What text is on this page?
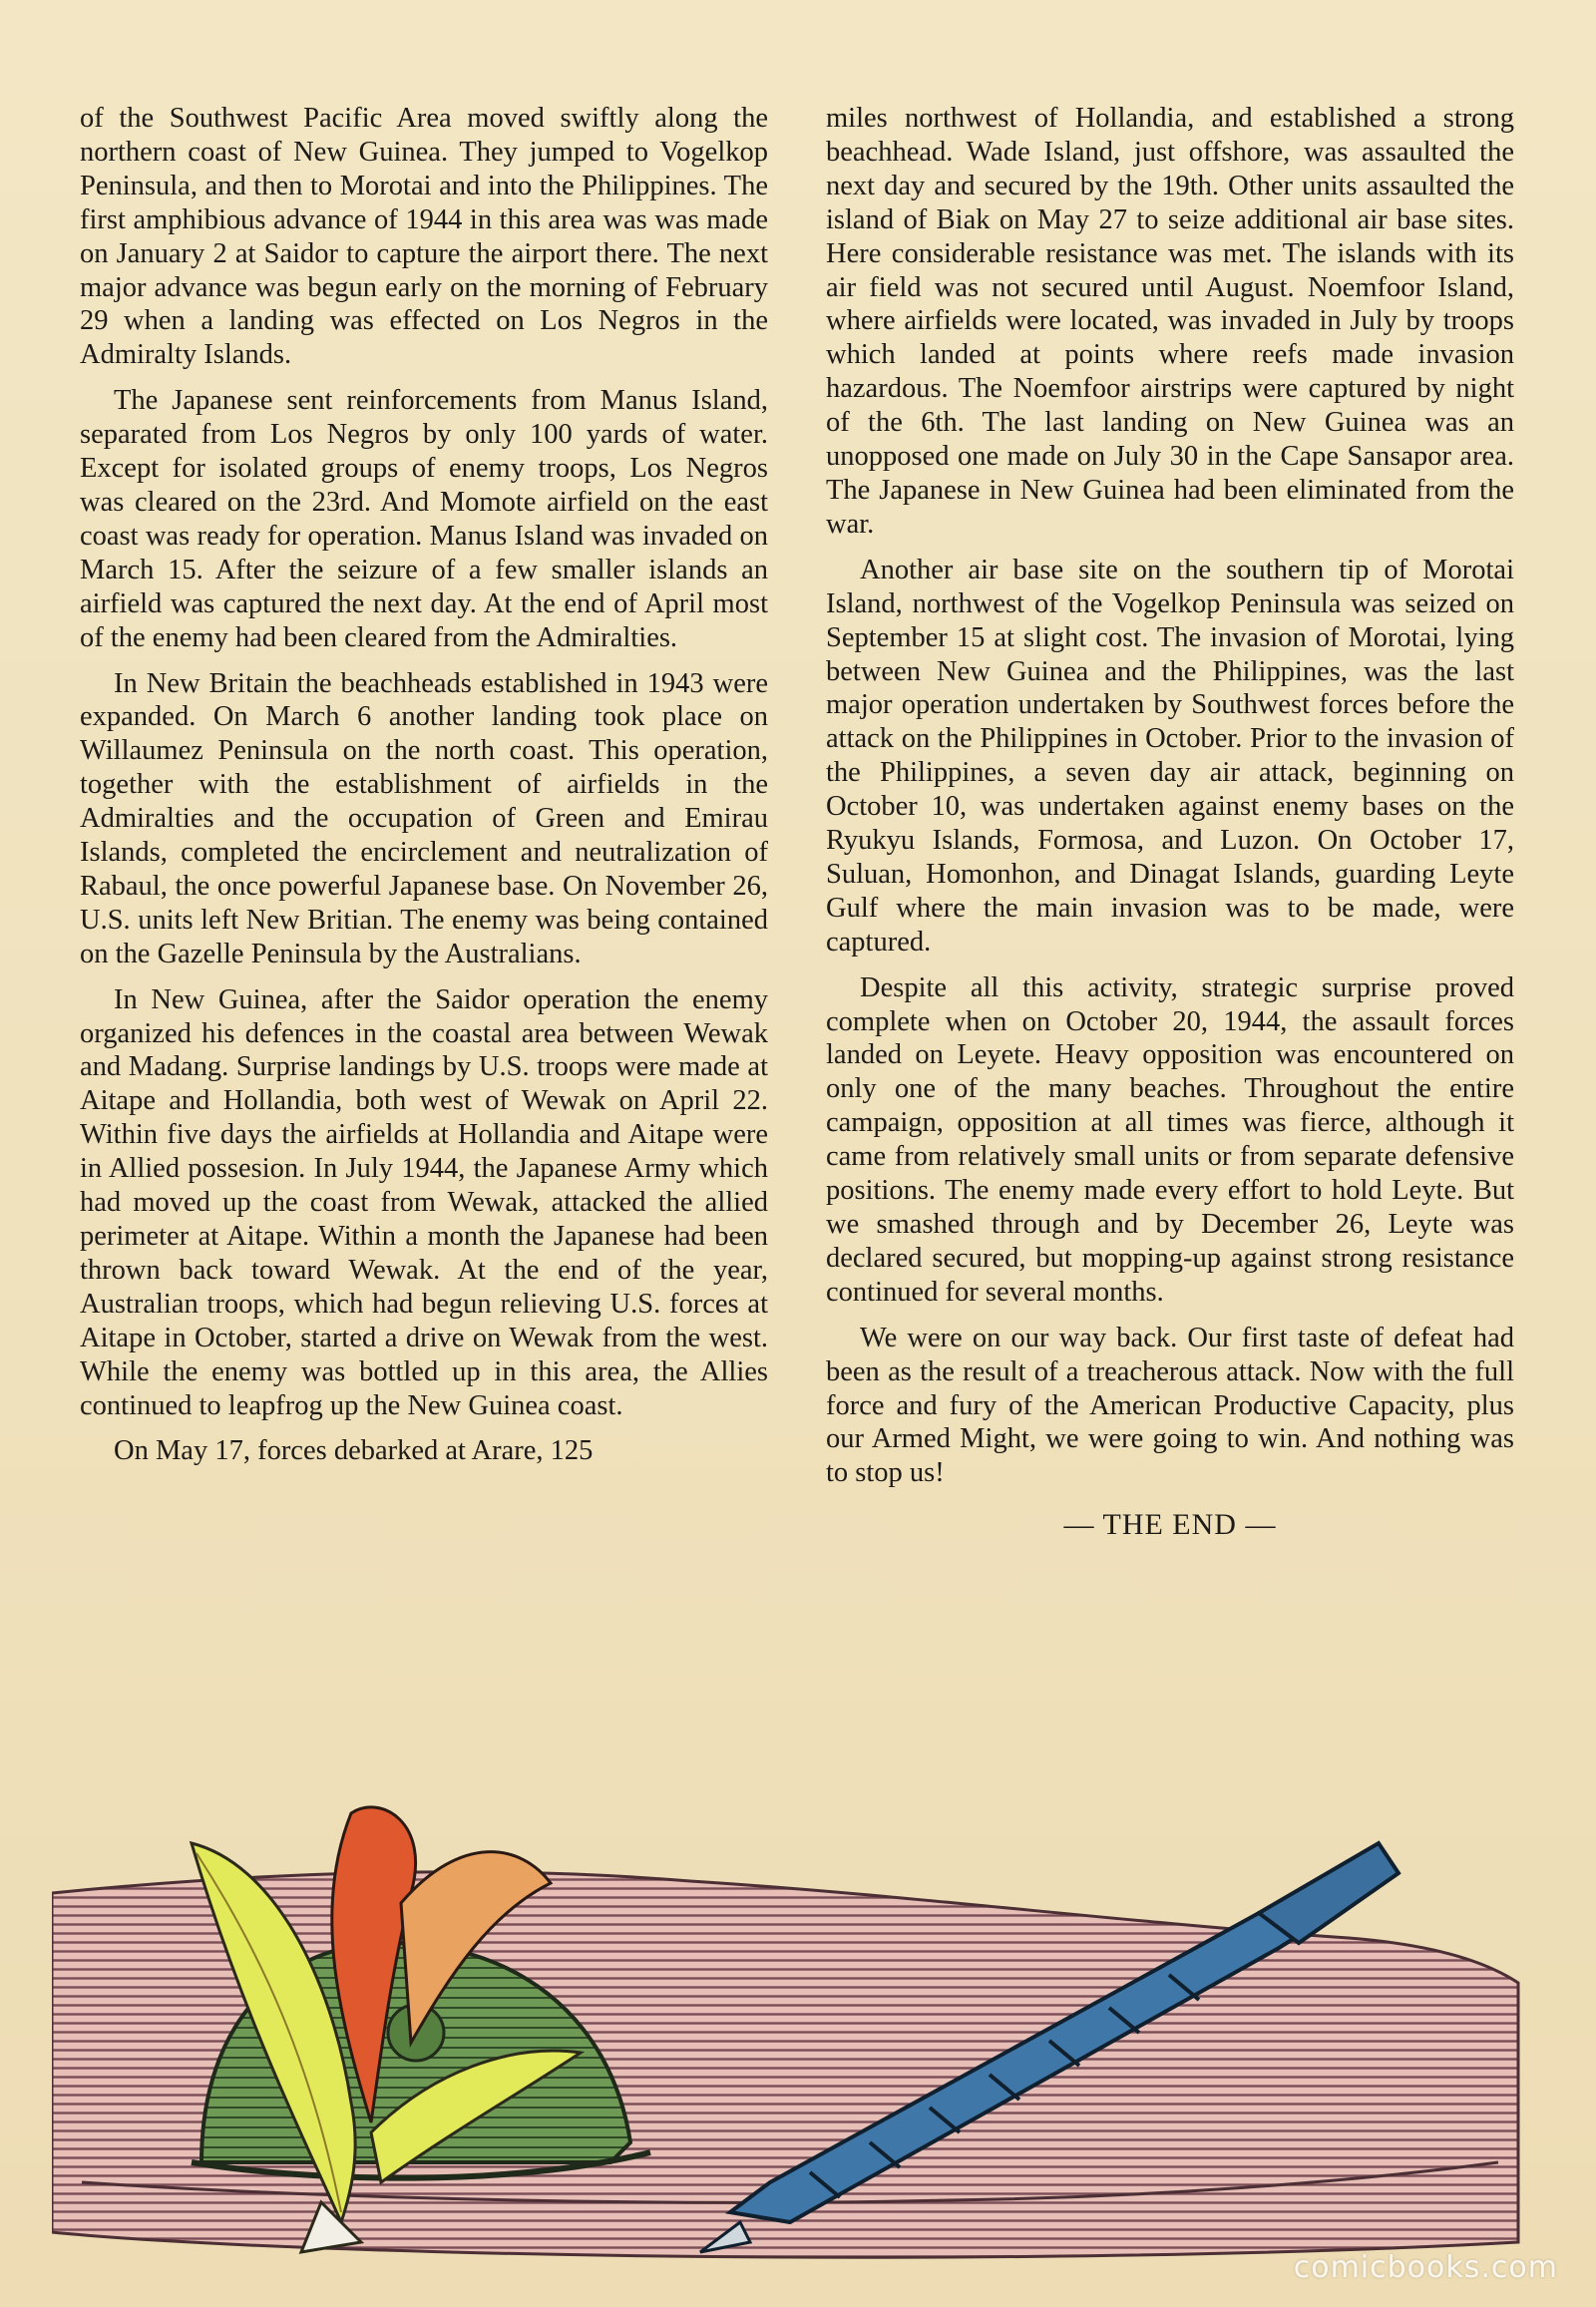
of the Southwest Pacific Area moved swiftly along the northern coast of New Guinea. They jumped to Vogelkop Peninsula, and then to Morotai and into the Philippines. The first amphibious advance of 1944 in this area was was made on January 2 at Saidor to capture the airport there. The next major advance was begun early on the morning of February 29 when a landing was effected on Los Negros in the Admiralty Islands.

The Japanese sent reinforcements from Manus Island, separated from Los Negros by only 100 yards of water. Except for isolated groups of enemy troops, Los Negros was cleared on the 23rd. And Momote airfield on the east coast was ready for operation. Manus Island was invaded on March 15. After the seizure of a few smaller islands an airfield was captured the next day. At the end of April most of the enemy had been cleared from the Admiralties.

In New Britain the beachheads established in 1943 were expanded. On March 6 another landing took place on Willaumez Peninsula on the north coast. This operation, together with the establishment of airfields in the Admiralties and the occupation of Green and Emirau Islands, completed the encirclement and neutralization of Rabaul, the once powerful Japanese base. On November 26, U.S. units left New Britian. The enemy was being contained on the Gazelle Peninsula by the Australians.

In New Guinea, after the Saidor operation the enemy organized his defences in the coastal area between Wewak and Madang. Surprise landings by U.S. troops were made at Aitape and Hollandia, both west of Wewak on April 22. Within five days the airfields at Hollandia and Aitape were in Allied possesion. In July 1944, the Japanese Army which had moved up the coast from Wewak, attacked the allied perimeter at Aitape. Within a month the Japanese had been thrown back toward Wewak. At the end of the year, Australian troops, which had begun relieving U.S. forces at Aitape in October, started a drive on Wewak from the west. While the enemy was bottled up in this area, the Allies continued to leapfrog up the New Guinea coast.

On May 17, forces debarked at Arare, 125

miles northwest of Hollandia, and established a strong beachhead. Wade Island, just offshore, was assaulted the next day and secured by the 19th. Other units assaulted the island of Biak on May 27 to seize additional air base sites. Here considerable resistance was met. The islands with its air field was not secured until August. Noemfoor Island, where airfields were located, was invaded in July by troops which landed at points where reefs made invasion hazardous. The Noemfoor airstrips were captured by night of the 6th. The last landing on New Guinea was an unopposed one made on July 30 in the Cape Sansapor area. The Japanese in New Guinea had been eliminated from the war.

Another air base site on the southern tip of Morotai Island, northwest of the Vogelkop Peninsula was seized on September 15 at slight cost. The invasion of Morotai, lying between New Guinea and the Philippines, was the last major operation undertaken by Southwest forces before the attack on the Philippines in October. Prior to the invasion of the Philippines, a seven day air attack, beginning on October 10, was undertaken against enemy bases on the Ryukyu Islands, Formosa, and Luzon. On October 17, Suluan, Homonhon, and Dinagat Islands, guarding Leyte Gulf where the main invasion was to be made, were captured.

Despite all this activity, strategic surprise proved complete when on October 20, 1944, the assault forces landed on Leyete. Heavy opposition was encountered on only one of the many beaches. Throughout the entire campaign, opposition at all times was fierce, although it came from relatively small units or from separate defensive positions. The enemy made every effort to hold Leyte. But we smashed through and by December 26, Leyte was declared secured, but mopping-up against strong resistance continued for several months.

We were on our way back. Our first taste of defeat had been as the result of a treacherous attack. Now with the full force and fury of the American Productive Capacity, plus our Armed Might, we were going to win. And nothing was to stop us!

— THE END —
comicbooks.com
